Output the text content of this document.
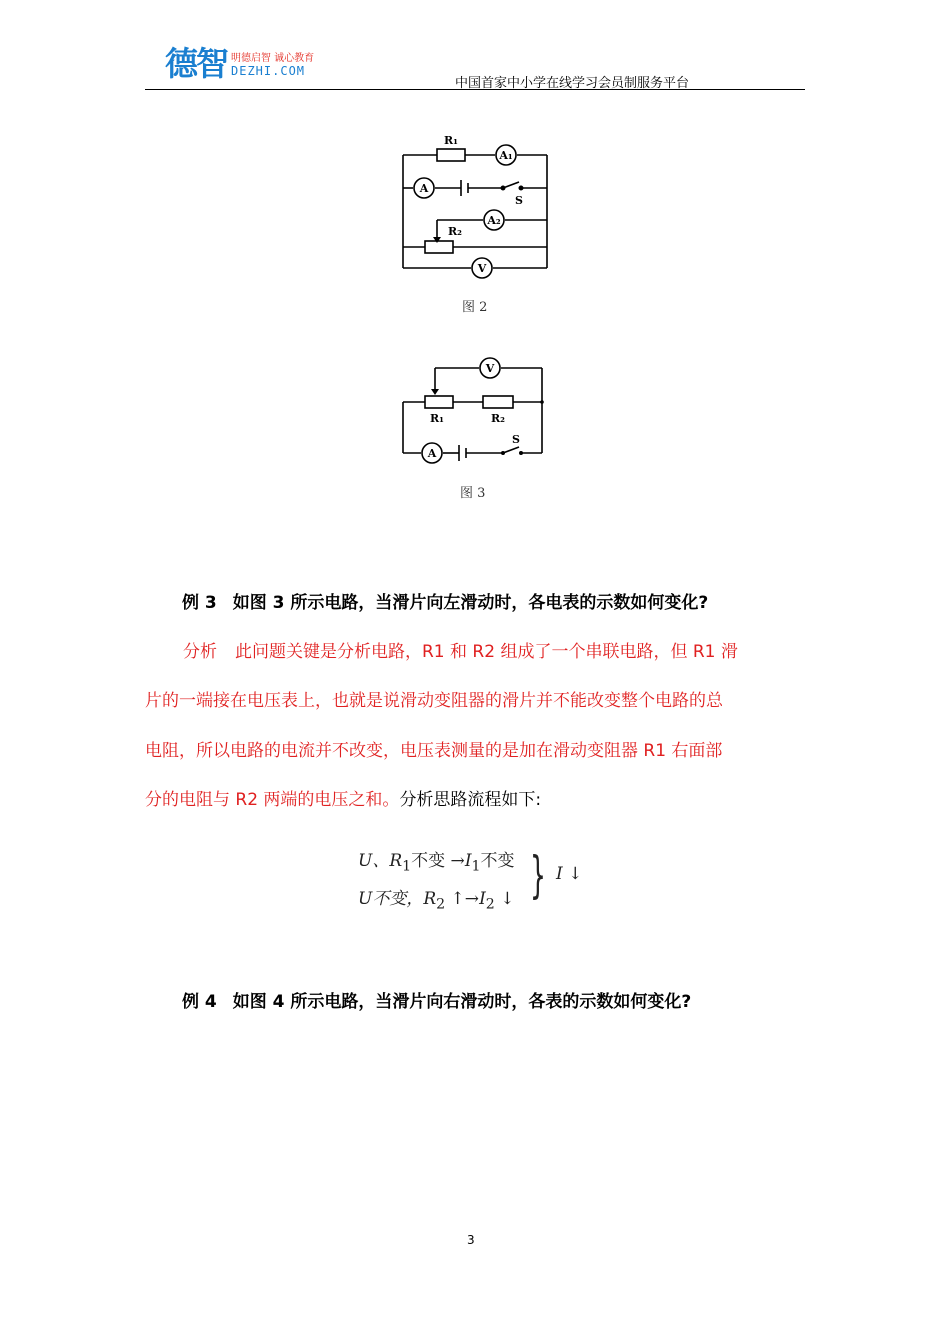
德智 明德启智 诚心教育
DEZHI.COM
中国首家中小学在线学习会员制服务平台
R₁
A₁
A
S
A₂
R₂
V
图 2
V
R₁	R₂
S
A
图 3
例 3 如图 3 所示电路，当滑片向左滑动时，各电表的示数如何变化?
分析 此问题关键是分析电路，R1 和 R2 组成了一个串联电路，但 R1 滑
片的一端接在电压表上，也就是说滑动变阻器的滑片并不能改变整个电路的总
电阻，所以电路的电流并不改变，电压表测量的是加在滑动变阻器 R1 右面部
分的电阻与 R2 两端的电压之和。分析思路流程如下:
U、$R_1$不变 $\to I_1$不变
U不变，$R_2$ $↑\to I_2$ ↓ } I ↓
例 4 如图 4 所示电路，当滑片向右滑动时，各表的示数如何变化?
3
